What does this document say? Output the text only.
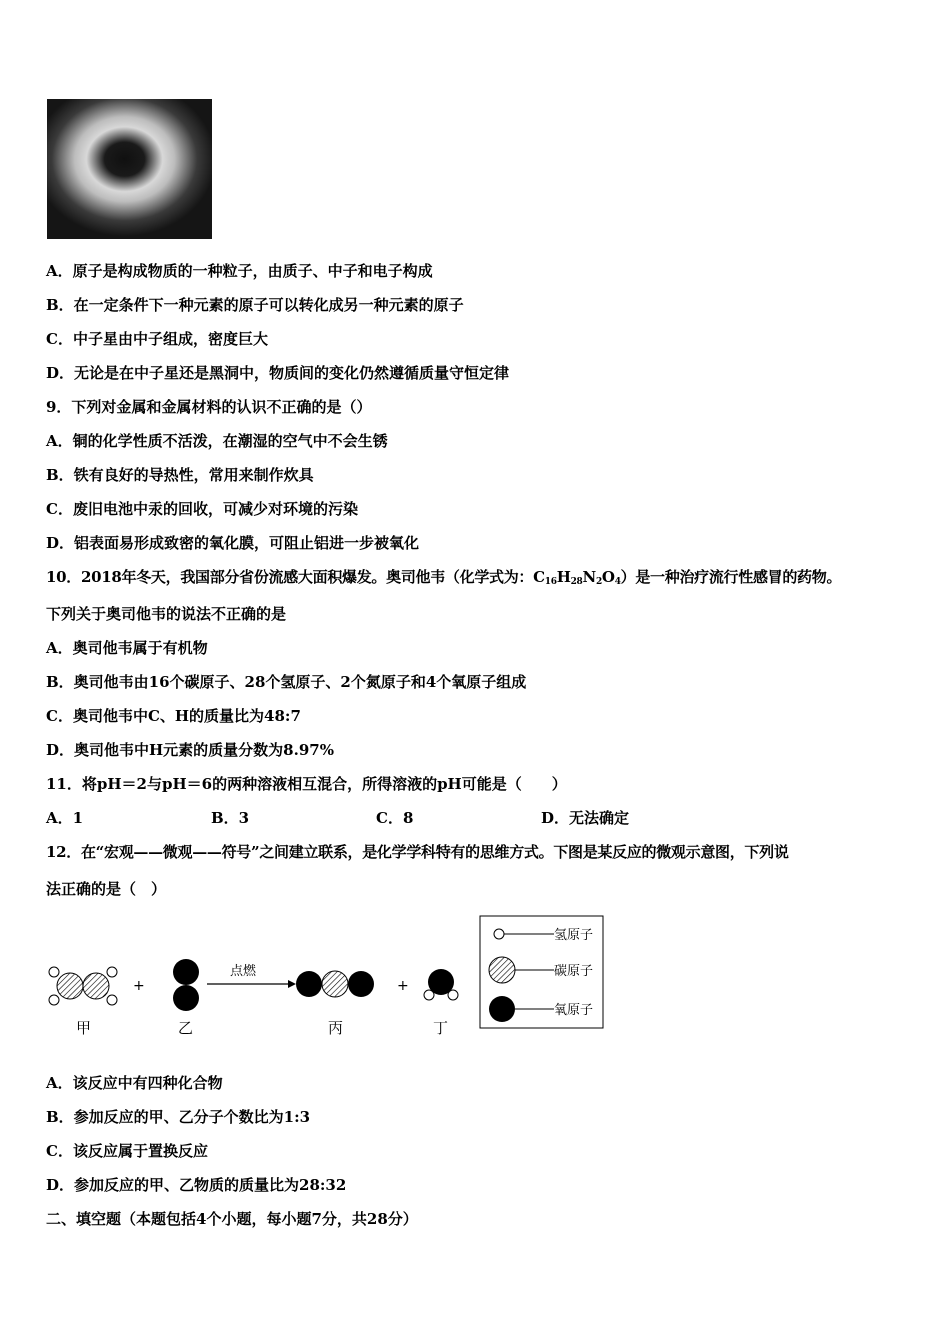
A．原子是构成物质的一种粒子，由质子、中子和电子构成
B．在一定条件下一种元素的原子可以转化成另一种元素的原子
C．中子星由中子组成，密度巨大
D．无论是在中子星还是黑洞中，物质间的变化仍然遵循质量守恒定律
9．下列对金属和金属材料的认识不正确的是（）
A．铜的化学性质不活泼，在潮湿的空气中不会生锈
B．铁有良好的导热性，常用来制作炊具
C．废旧电池中汞的回收，可减少对环境的污染
D．铝表面易形成致密的氧化膜，可阻止铝进一步被氧化
10．2018年冬天，我国部分省份流感大面积爆发。奥司他韦（化学式为：$C_{16}H_{28}N_2O_4$）是一种治疗流行性感冒的药物。
下列关于奥司他韦的说法不正确的是
A．奥司他韦属于有机物
B．奥司他韦由16个碳原子、28个氢原子、2个氮原子和4个氧原子组成
C．奥司他韦中C、H的质量比为48:7
D．奥司他韦中H元素的质量分数为8.97%
11．将pH＝2与pH＝6的两种溶液相互混合，所得溶液的pH可能是（　　）
A．1	B．3	C．8	D．无法确定
12．在“宏观——微观——符号”之间建立联系，是化学学科特有的思维方式。下图是某反应的微观示意图，下列说
法正确的是（　）
+
点燃
+
甲	乙	丙	丁
氢原子
碳原子
氧原子
A．该反应中有四种化合物
B．参加反应的甲、乙分子个数比为1:3
C．该反应属于置换反应
D．参加反应的甲、乙物质的质量比为28:32
二、填空题（本题包括4个小题，每小题7分，共28分）
